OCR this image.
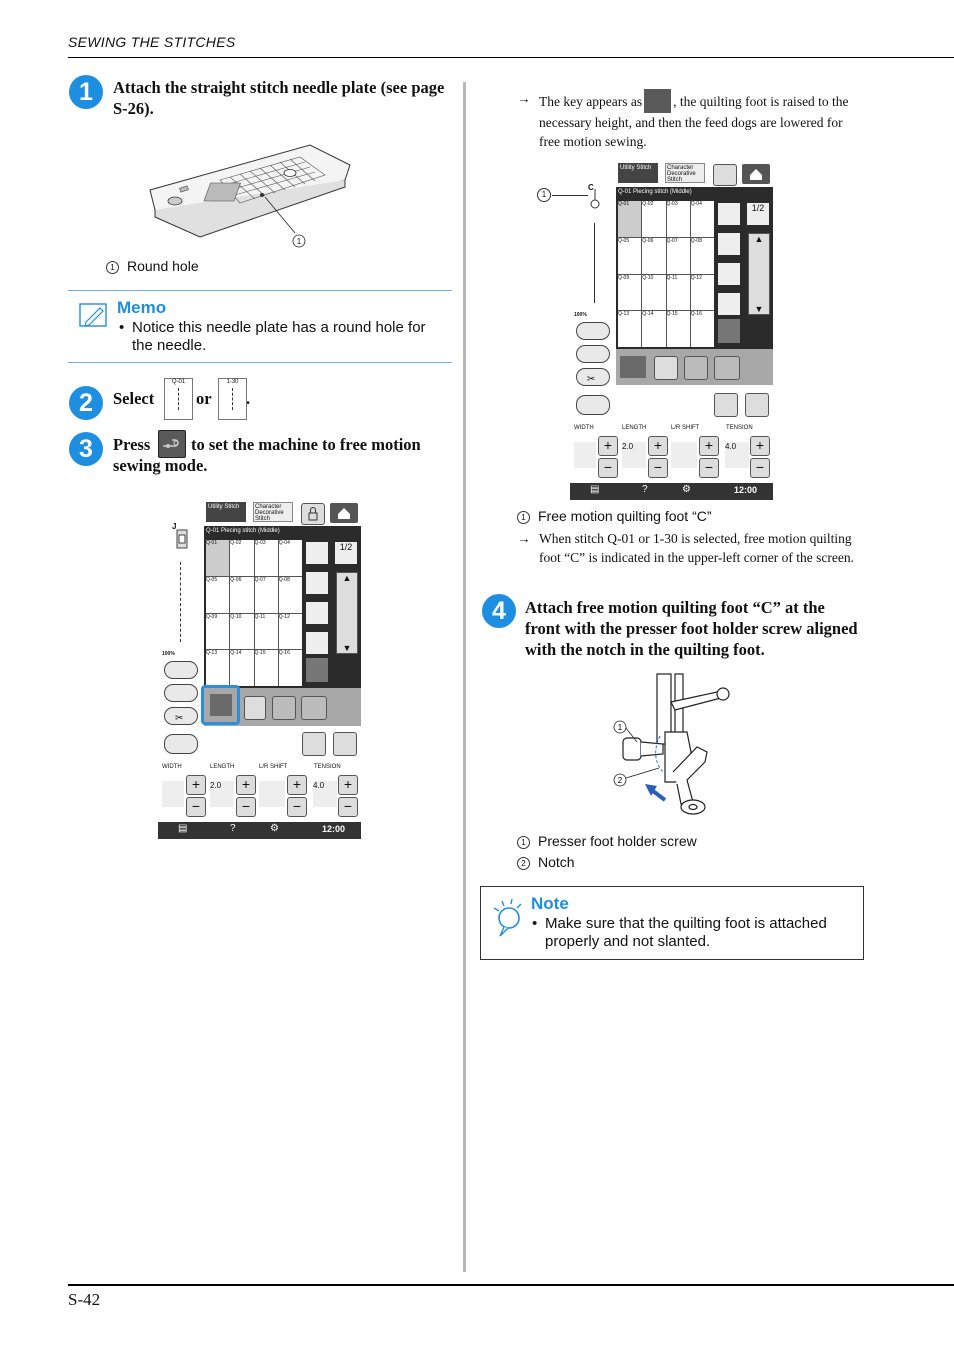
SEWING THE STITCHES
S-42
1	Attach the straight stitch needle plate (see page S-26).
1
1 Round hole
Memo
• Notice this needle plate has a round hole for the needle.
2	Select
Q-01
or
1-30
.
3	Press	to set the machine to free motion sewing mode.
Utility Stitch	Character Decorative Stitch
J
100%
Q-01 Piecing stitch (Middle)
Q-01	Q-02	Q-03	Q-04
Q-05	Q-06	Q-07	Q-08
Q-09	Q-10	Q-11	Q-12
Q-13	Q-14	Q-15	Q-16
1/2
▲
▼
✂
WIDTH	LENGTH	L/R SHIFT	TENSION
+
−
2.0	+
−
+
−
4.0	+
−
▤	?	⚙	12:00
→ The key appears as , the quilting foot is raised to the necessary height, and then the feed dogs are lowered for free motion sewing.
Utility Stitch	Character Decorative Stitch
C
100%
Q-01 Piecing stitch (Middle)
Q-01	Q-02	Q-03	Q-04
Q-05	Q-06	Q-07	Q-08
Q-09	Q-10	Q-11	Q-12
Q-13	Q-14	Q-15	Q-16
1/2
▲
▼
✂
WIDTH	LENGTH	L/R SHIFT	TENSION
+
−
2.0	+
−
+
−
4.0	+
−
▤	?	⚙	12:00
1
1 Free motion quilting foot “C”
→ When stitch Q-01 or 1-30 is selected, free motion quilting foot “C” is indicated in the upper-left corner of the screen.
4	Attach free motion quilting foot “C” at the front with the presser foot holder screw aligned with the notch in the quilting foot.
1
2
1 Presser foot holder screw
2 Notch
Note
• Make sure that the quilting foot is attached properly and not slanted.
